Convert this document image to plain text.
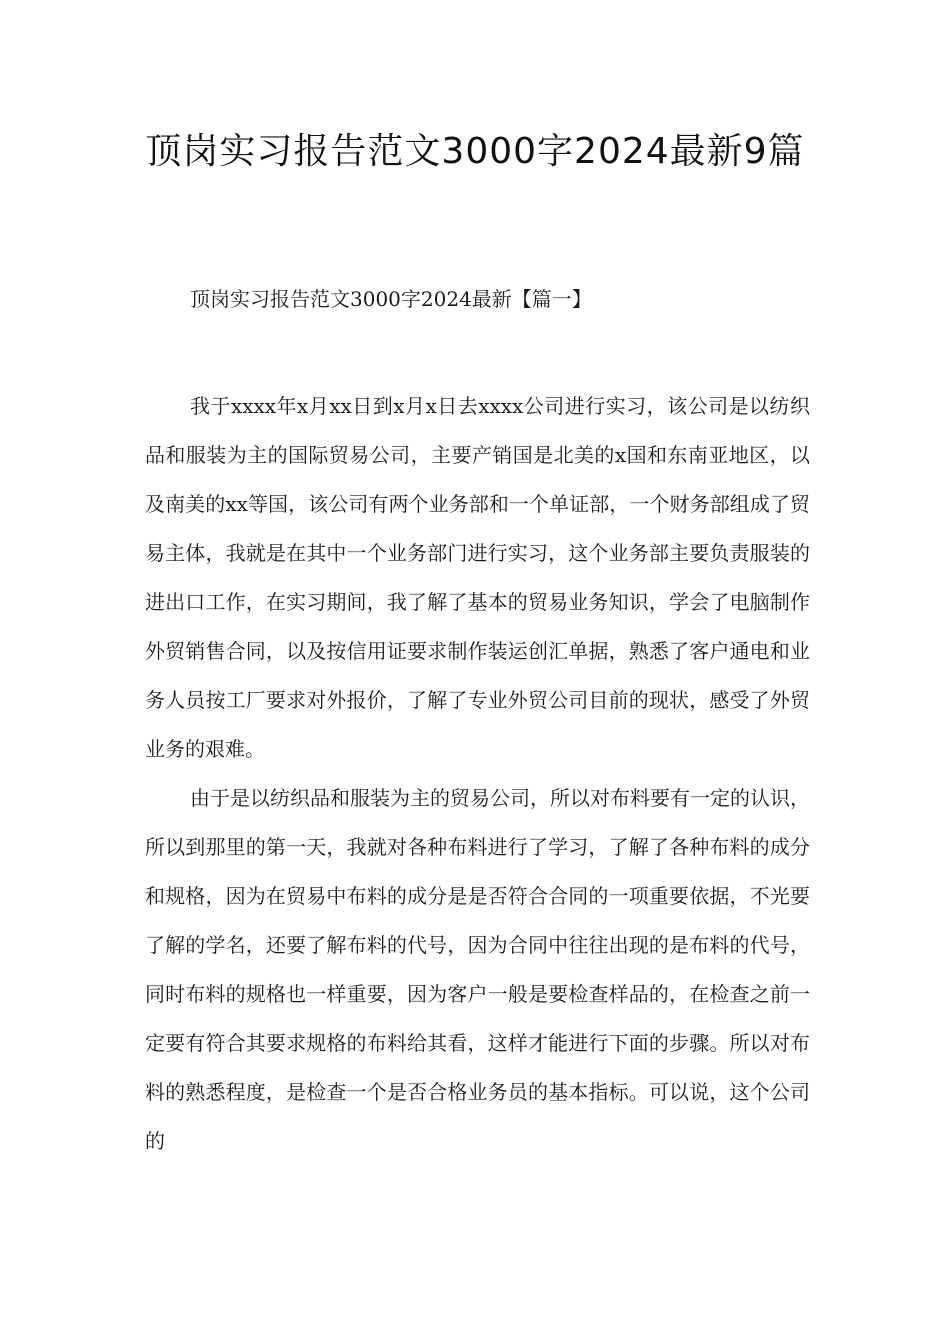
顶岗实习报告范文3000字2024最新9篇

顶岗实习报告范文3000字2024最新【篇一】

我于xxxx年x月xx日到x月x日去xxxx公司进行实习，该公司是以纺织品和服装为主的国际贸易公司，主要产销国是北美的x国和东南亚地区，以及南美的xx等国，该公司有两个业务部和一个单证部，一个财务部组成了贸易主体，我就是在其中一个业务部门进行实习，这个业务部主要负责服装的进出口工作，在实习期间，我了解了基本的贸易业务知识，学会了电脑制作外贸销售合同，以及按信用证要求制作装运创汇单据，熟悉了客户通电和业务人员按工厂要求对外报价，了解了专业外贸公司目前的现状，感受了外贸业务的艰难。

由于是以纺织品和服装为主的贸易公司，所以对布料要有一定的认识，所以到那里的第一天，我就对各种布料进行了学习，了解了各种布料的成分和规格，因为在贸易中布料的成分是是否符合合同的一项重要依据，不光要了解的学名，还要了解布料的代号，因为合同中往往出现的是布料的代号，同时布料的规格也一样重要，因为客户一般是要检查样品的，在检查之前一定要有符合其要求规格的布料给其看，这样才能进行下面的步骤。所以对布料的熟悉程度，是检查一个是否合格业务员的基本指标。可以说，这个公司的
